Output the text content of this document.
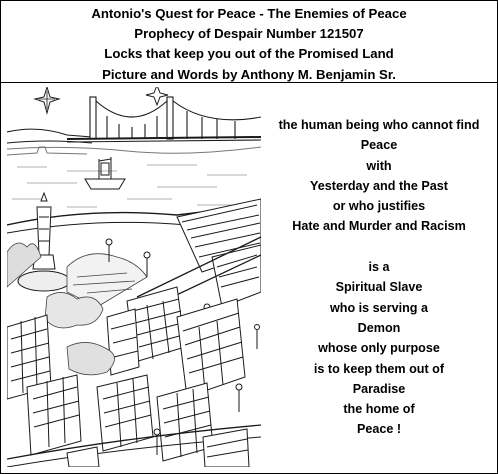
Antonio's Quest for Peace - The Enemies of Peace
Prophecy of Despair Number 121507
Locks that keep you out of the Promised Land
Picture and Words by Anthony M. Benjamin Sr.
the human being who cannot find
Peace
with
Yesterday and the Past
or who justifies
Hate and Murder and Racism
is a
Spiritual Slave
who is serving a
Demon
whose only purpose
is to keep them out of
Paradise
the home of
Peace !
